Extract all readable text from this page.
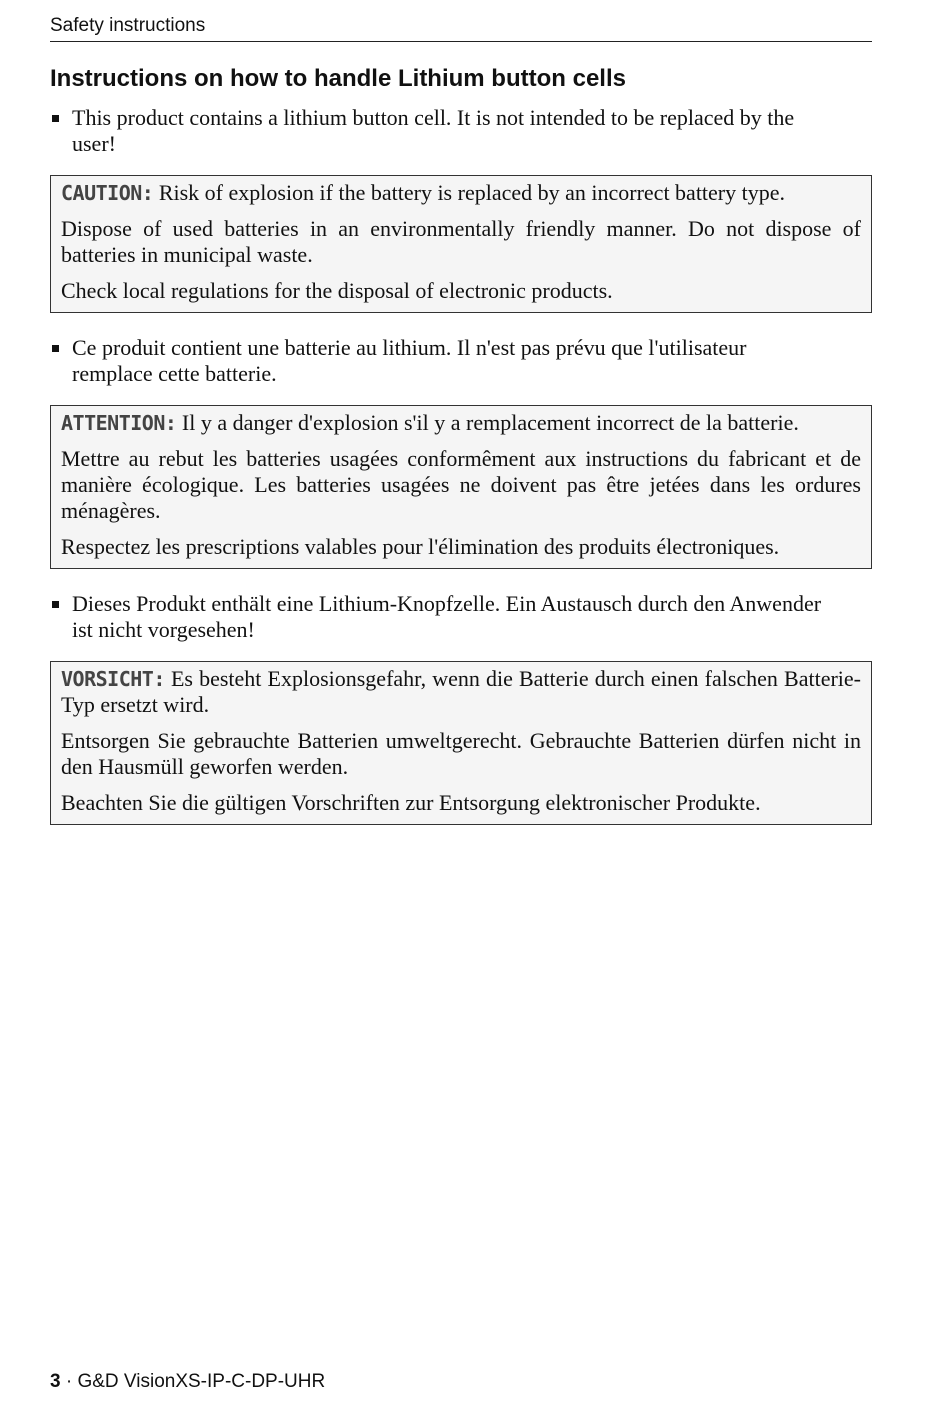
Safety instructions
Instructions on how to handle Lithium button cells
This product contains a lithium button cell. It is not intended to be replaced by the user!

CAUTION: Risk of explosion if the battery is replaced by an incorrect battery type.

Dispose of used batteries in an environmentally friendly manner. Do not dispose of batteries in municipal waste.

Check local regulations for the disposal of electronic products.

Ce produit contient une batterie au lithium. Il n'est pas prévu que l'utilisateur remplace cette batterie.

ATTENTION: Il y a danger d'explosion s'il y a remplacement incorrect de la batterie.

Mettre au rebut les batteries usagées conformêment aux instructions du fabricant et de manière écologique. Les batteries usagées ne doivent pas être jetées dans les ordures ménagères.

Respectez les prescriptions valables pour l'élimination des produits électroniques.

Dieses Produkt enthält eine Lithium-Knopfzelle. Ein Austausch durch den Anwender ist nicht vorgesehen!

VORSICHT: Es besteht Explosionsgefahr, wenn die Batterie durch einen falschen Batterie-Typ ersetzt wird.

Entsorgen Sie gebrauchte Batterien umweltgerecht. Gebrauchte Batterien dürfen nicht in den Hausmüll geworfen werden.

Beachten Sie die gültigen Vorschriften zur Entsorgung elektronischer Produkte.

3 · G&D VisionXS-IP-C-DP-UHR
